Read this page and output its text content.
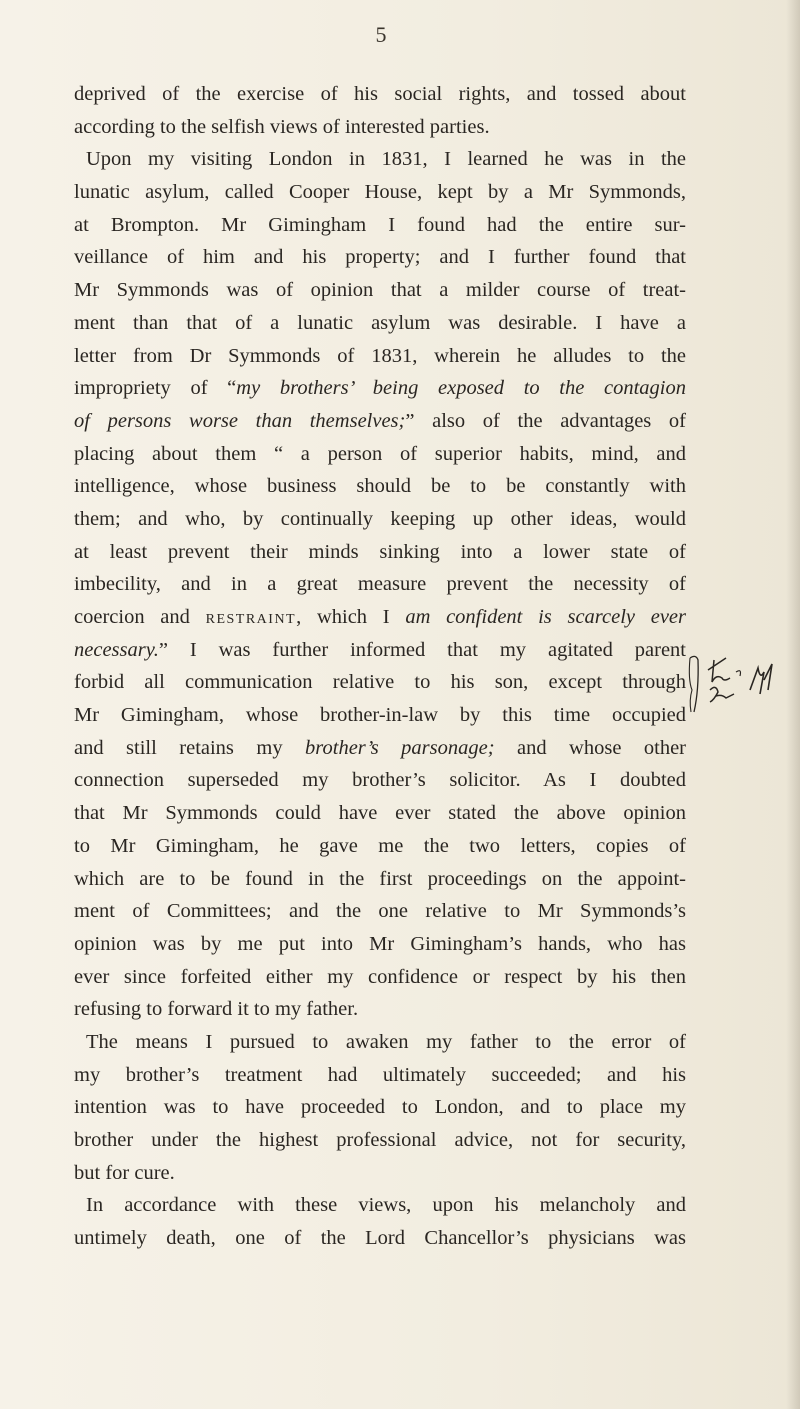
5
deprived of the exercise of his social rights, and tossed about
according to the selfish views of interested parties.
Upon my visiting London in 1831, I learned he was in the
lunatic asylum, called Cooper House, kept by a Mr Symmonds,
at Brompton. Mr Gimingham I found had the entire sur-
veillance of him and his property; and I further found that
Mr Symmonds was of opinion that a milder course of treat-
ment than that of a lunatic asylum was desirable. I have a
letter from Dr Symmonds of 1831, wherein he alludes to the
impropriety of “my brothers’ being exposed to the contagion
of persons worse than themselves;” also of the advantages of
placing about them “ a person of superior habits, mind, and
intelligence, whose business should be to be constantly with
them; and who, by continually keeping up other ideas, would
at least prevent their minds sinking into a lower state of
imbecility, and in a great measure prevent the necessity of
coercion and restraint, which I am confident is scarcely ever
necessary.” I was further informed that my agitated parent
forbid all communication relative to his son, except through
Mr Gimingham, whose brother-in-law by this time occupied
and still retains my brother’s parsonage; and whose other
connection superseded my brother’s solicitor. As I doubted
that Mr Symmonds could have ever stated the above opinion
to Mr Gimingham, he gave me the two letters, copies of
which are to be found in the first proceedings on the appoint-
ment of Committees; and the one relative to Mr Symmonds’s
opinion was by me put into Mr Gimingham’s hands, who has
ever since forfeited either my confidence or respect by his then
refusing to forward it to my father.
The means I pursued to awaken my father to the error of
my brother’s treatment had ultimately succeeded; and his
intention was to have proceeded to London, and to place my
brother under the highest professional advice, not for security,
but for cure.
In accordance with these views, upon his melancholy and
untimely death, one of the Lord Chancellor’s physicians was
